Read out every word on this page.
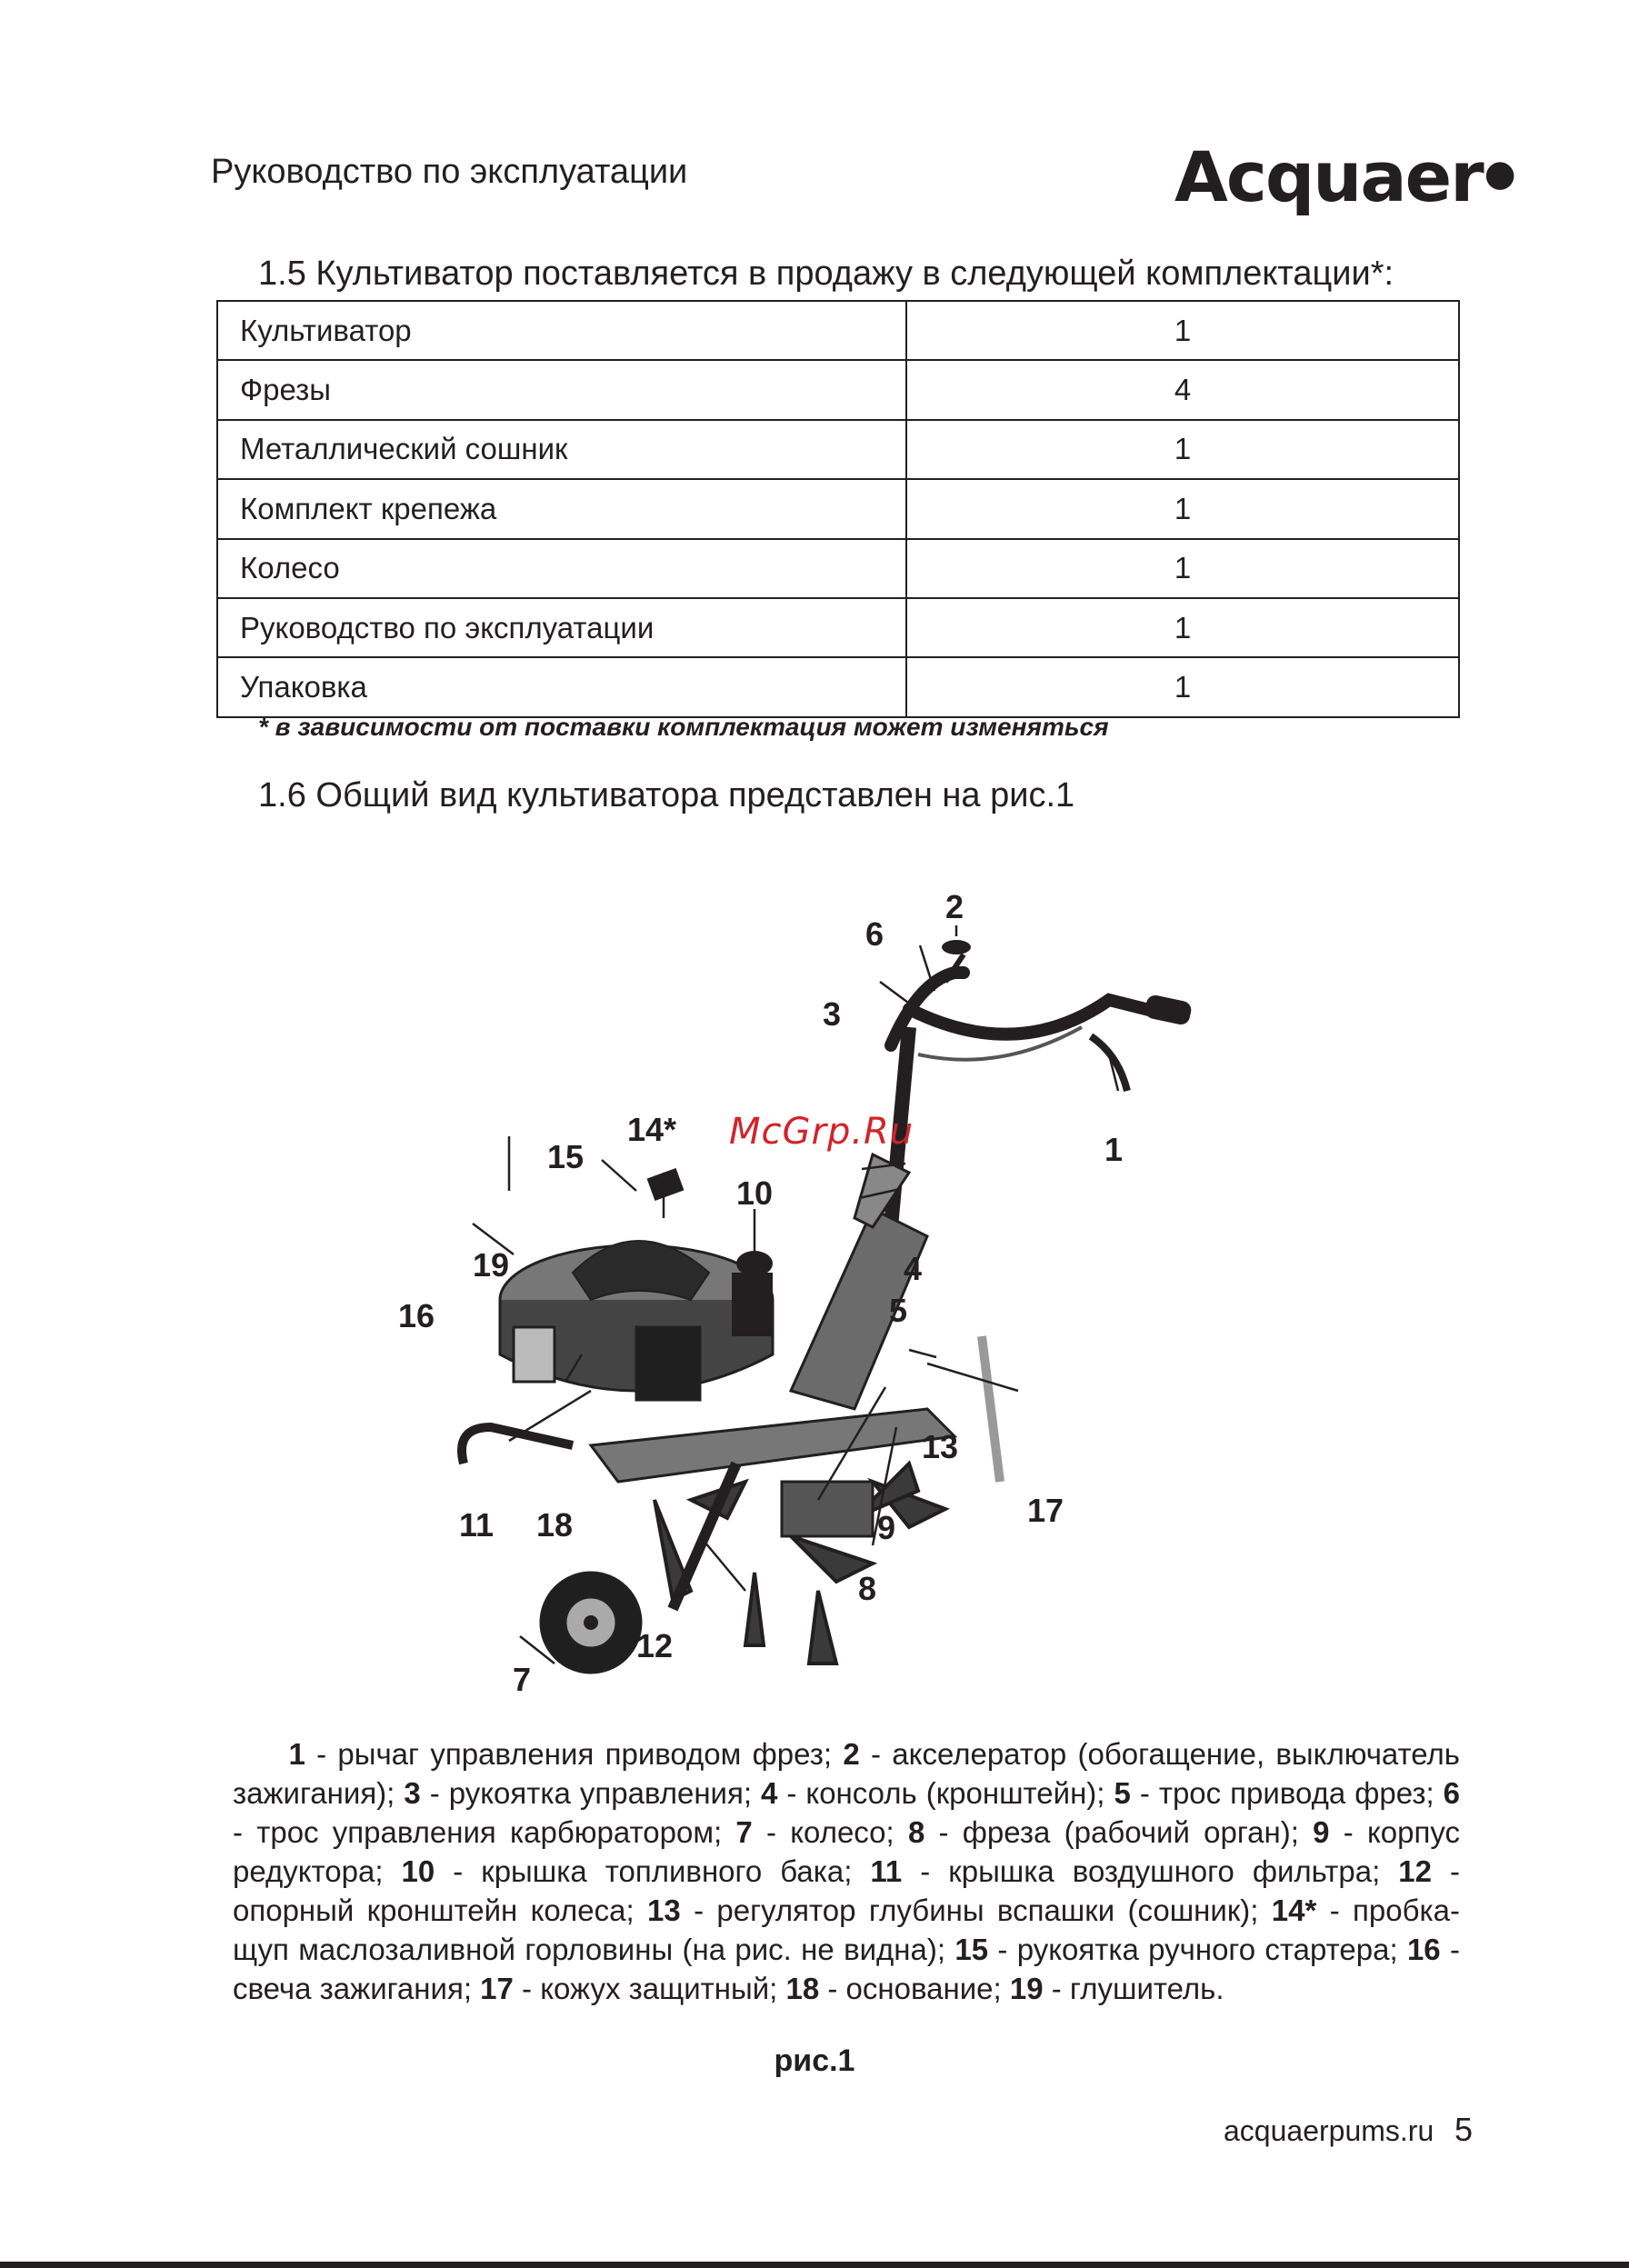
Руководство по эксплуатации	Acquaer●
1.5 Культиватор поставляется в продажу в следующей комплектации*:
Культиватор	1
Фрезы	4
Металлический сошник	1
Комплект крепежа	1
Колесо	1
Руководство по эксплуатации	1
Упаковка	1
* в зависимости от поставки комплектация может изменяться
1.6 Общий вид культиватора представлен на рис.1
1
2
3
4
5
6
7
8
9
10
11
12
13
14*
15
16
17
18
19
McGrp.Ru
1 - рычаг управления приводом фрез; 2 - акселератор (обогащение, выключатель зажигания); 3 - рукоятка управления; 4 - консоль (кронштейн); 5 - трос привода фрез; 6 - трос управления карбюратором; 7 - колесо; 8 - фреза (рабочий орган); 9 - корпус редуктора; 10 - крышка топливного бака; 11 - крышка воздушного фильтра; 12 - опорный кронштейн колеса; 13 - регулятор глубины вспашки (сошник); 14* - пробка-щуп маслозаливной горловины (на рис. не видна); 15 - рукоятка ручного стартера; 16 - свеча зажигания; 17 - кожух защитный; 18 - основание; 19 - глушитель.
рис.1
acquaerpums.ru 5
